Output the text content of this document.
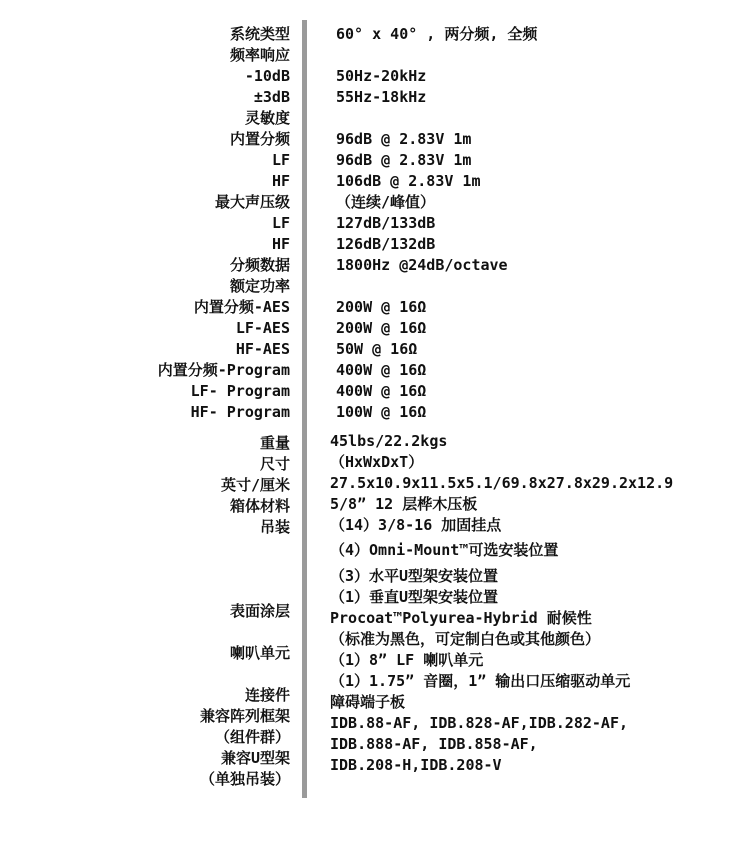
系统类型
频率响应
-10dB
±3dB
灵敏度
内置分频
LF
HF
最大声压级
LF
HF
分频数据
额定功率
内置分频-AES
LF-AES
HF-AES
内置分频-Program
LF- Program
HF- Program
重量
尺寸
英寸/厘米
箱体材料
吊装
表面涂层
喇叭单元
连接件
兼容阵列框架
（组件群）
兼容U型架
（单独吊装）
60° x 40° , 两分频, 全频
50Hz-20kHz
55Hz-18kHz
96dB @ 2.83V 1m
96dB @ 2.83V 1m
106dB @ 2.83V 1m
（连续/峰值）
127dB/133dB
126dB/132dB
1800Hz @24dB/octave
200W @ 16Ω
200W @ 16Ω
50W @ 16Ω
400W @ 16Ω
400W @ 16Ω
100W @ 16Ω
45lbs/22.2kgs
（HxWxDxT）
27.5x10.9x11.5x5.1/69.8x27.8x29.2x12.9
5/8” 12 层桦木压板
（14）3/8-16 加固挂点
（4）Omni-Mount™可选安装位置
（3）水平U型架安装位置
（1）垂直U型架安装位置
Procoat™Polyurea-Hybrid 耐候性
（标准为黑色，可定制白色或其他颜色）
（1）8” LF 喇叭单元
（1）1.75” 音圈，1” 输出口压缩驱动单元
障碍端子板
IDB.88-AF, IDB.828-AF,IDB.282-AF,
IDB.888-AF, IDB.858-AF,
IDB.208-H,IDB.208-V
